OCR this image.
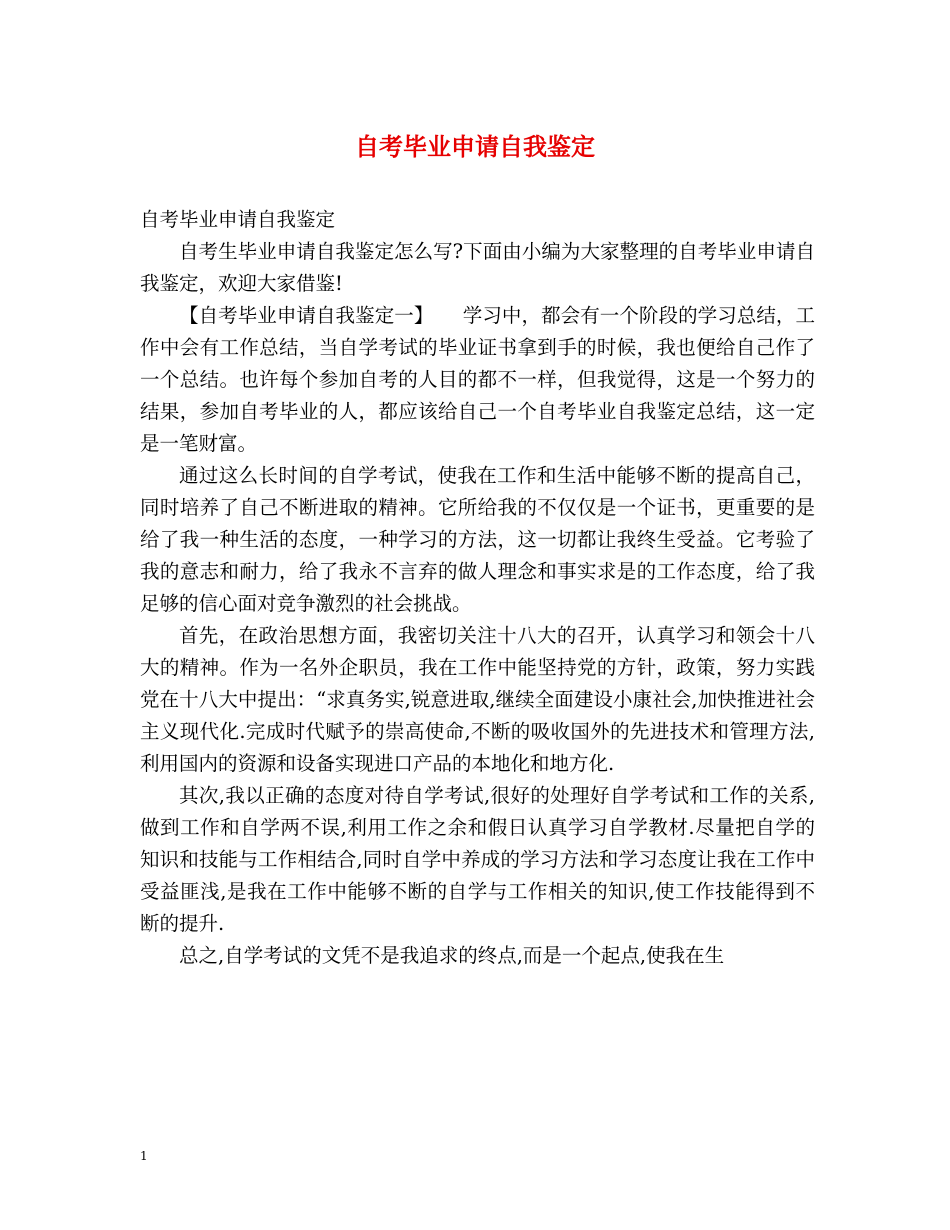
自考毕业申请自我鉴定

自考毕业申请自我鉴定

自考生毕业申请自我鉴定怎么写?下面由小编为大家整理的自考毕业申请自我鉴定，欢迎大家借鉴!

【自考毕业申请自我鉴定一】　　学习中，都会有一个阶段的学习总结，工作中会有工作总结，当自学考试的毕业证书拿到手的时候，我也便给自己作了一个总结。也许每个参加自考的人目的都不一样，但我觉得，这是一个努力的结果，参加自考毕业的人，都应该给自己一个自考毕业自我鉴定总结，这一定是一笔财富。

通过这么长时间的自学考试，使我在工作和生活中能够不断的提高自己，同时培养了自己不断进取的精神。它所给我的不仅仅是一个证书，更重要的是给了我一种生活的态度，一种学习的方法，这一切都让我终生受益。它考验了我的意志和耐力，给了我永不言弃的做人理念和事实求是的工作态度，给了我足够的信心面对竞争激烈的社会挑战。

首先，在政治思想方面，我密切关注十八大的召开，认真学习和领会十八大的精神。作为一名外企职员，我在工作中能坚持党的方针，政策，努力实践党在十八大中提出：“求真务实,锐意进取,继续全面建设小康社会,加快推进社会主义现代化.完成时代赋予的崇高使命,不断的吸收国外的先进技术和管理方法,利用国内的资源和设备实现进口产品的本地化和地方化.

其次,我以正确的态度对待自学考试,很好的处理好自学考试和工作的关系,做到工作和自学两不误,利用工作之余和假日认真学习自学教材.尽量把自学的知识和技能与工作相结合,同时自学中养成的学习方法和学习态度让我在工作中受益匪浅,是我在工作中能够不断的自学与工作相关的知识,使工作技能得到不断的提升.

总之,自学考试的文凭不是我追求的终点,而是一个起点,使我在生

1
